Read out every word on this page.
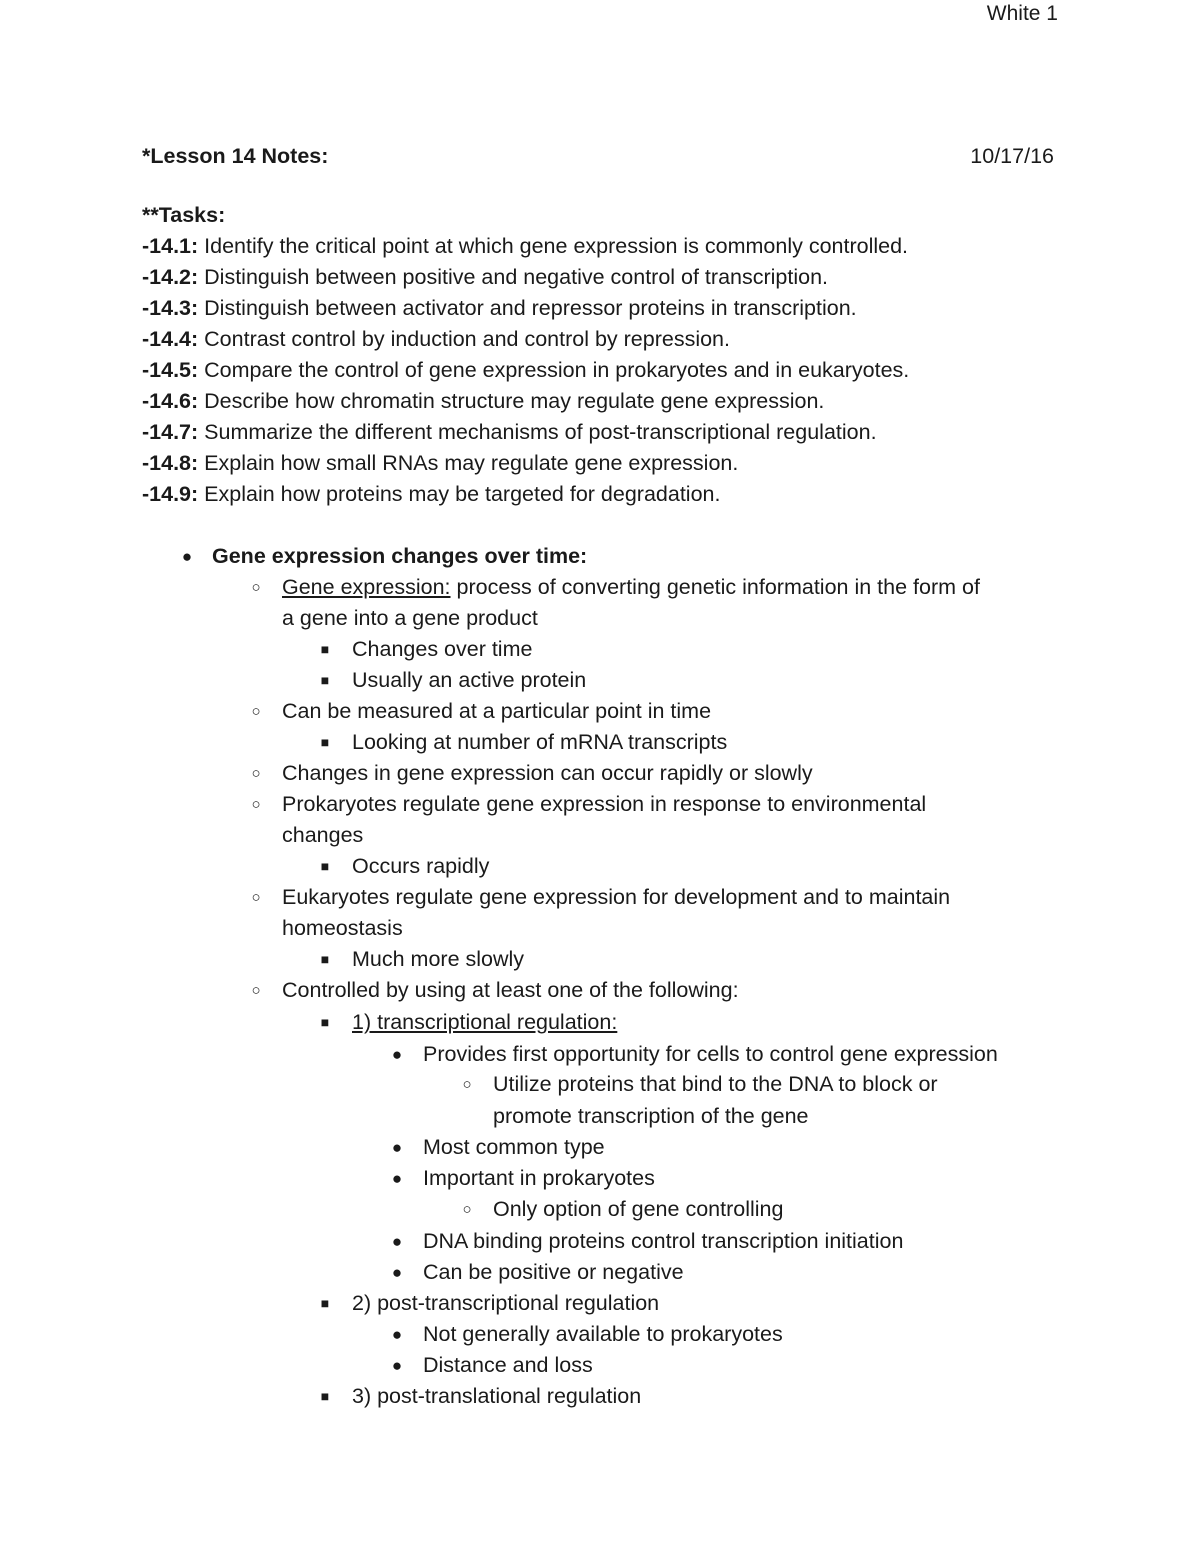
White 1
*Lesson 14 Notes:	10/17/16
**Tasks:
-14.1: Identify the critical point at which gene expression is commonly controlled.
-14.2: Distinguish between positive and negative control of transcription.
-14.3: Distinguish between activator and repressor proteins in transcription.
-14.4: Contrast control by induction and control by repression.
-14.5: Compare the control of gene expression in prokaryotes and in eukaryotes.
-14.6: Describe how chromatin structure may regulate gene expression.
-14.7: Summarize the different mechanisms of post-transcriptional regulation.
-14.8: Explain how small RNAs may regulate gene expression.
-14.9: Explain how proteins may be targeted for degradation.
● Gene expression changes over time:
○ Gene expression: process of converting genetic information in the form of
a gene into a gene product
■	Changes over time
■	Usually an active protein
○ Can be measured at a particular point in time
■	Looking at number of mRNA transcripts
○ Changes in gene expression can occur rapidly or slowly
○ Prokaryotes regulate gene expression in response to environmental
changes
■	Occurs rapidly
○ Eukaryotes regulate gene expression for development and to maintain
homeostasis
■	Much more slowly
○ Controlled by using at least one of the following:
■	1) transcriptional regulation:
● Provides first opportunity for cells to control gene expression
○ Utilize proteins that bind to the DNA to block or
promote transcription of the gene
● Most common type
● Important in prokaryotes
○ Only option of gene controlling
● DNA binding proteins control transcription initiation
● Can be positive or negative
■	2) post-transcriptional regulation
● Not generally available to prokaryotes
● Distance and loss
■	3) post-translational regulation
